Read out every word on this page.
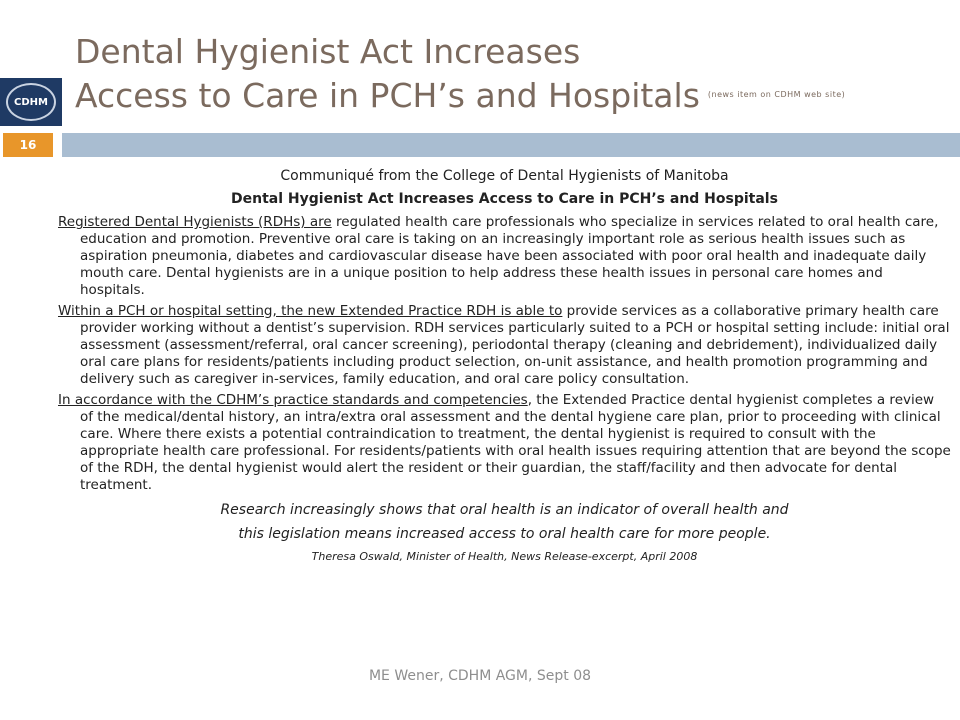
Dental Hygienist Act Increases
Access to Care in PCH’s and Hospitals $^{(news item on CDHM web site)}$
CDHM
16
Communiqué from the College of Dental Hygienists of Manitoba
Dental Hygienist Act Increases Access to Care in PCH’s and Hospitals
Registered Dental Hygienists (RDHs) are regulated health care professionals who specialize in services related to oral health care, education and promotion. Preventive oral care is taking on an increasingly important role as serious health issues such as aspiration pneumonia, diabetes and cardiovascular disease have been associated with poor oral health and inadequate daily mouth care. Dental hygienists are in a unique position to help address these health issues in personal care homes and hospitals.
Within a PCH or hospital setting, the new Extended Practice RDH is able to provide services as a collaborative primary health care provider working without a dentist’s supervision. RDH services particularly suited to a PCH or hospital setting include: initial oral assessment (assessment/referral, oral cancer screening), periodontal therapy (cleaning and debridement), individualized daily oral care plans for residents/patients including product selection, on-unit assistance, and health promotion programming and delivery such as caregiver in-services, family education, and oral care policy consultation.
In accordance with the CDHM’s practice standards and competencies, the Extended Practice dental hygienist completes a review of the medical/dental history, an intra/extra oral assessment and the dental hygiene care plan, prior to proceeding with clinical care. Where there exists a potential contraindication to treatment, the dental hygienist is required to consult with the appropriate health care professional. For residents/patients with oral health issues requiring attention that are beyond the scope of the RDH, the dental hygienist would alert the resident or their guardian, the staff/facility and then advocate for dental treatment.
Research increasingly shows that oral health is an indicator of overall health and
this legislation means increased access to oral health care for more people.
Theresa Oswald, Minister of Health, News Release-excerpt, April 2008
ME Wener, CDHM AGM, Sept 08
